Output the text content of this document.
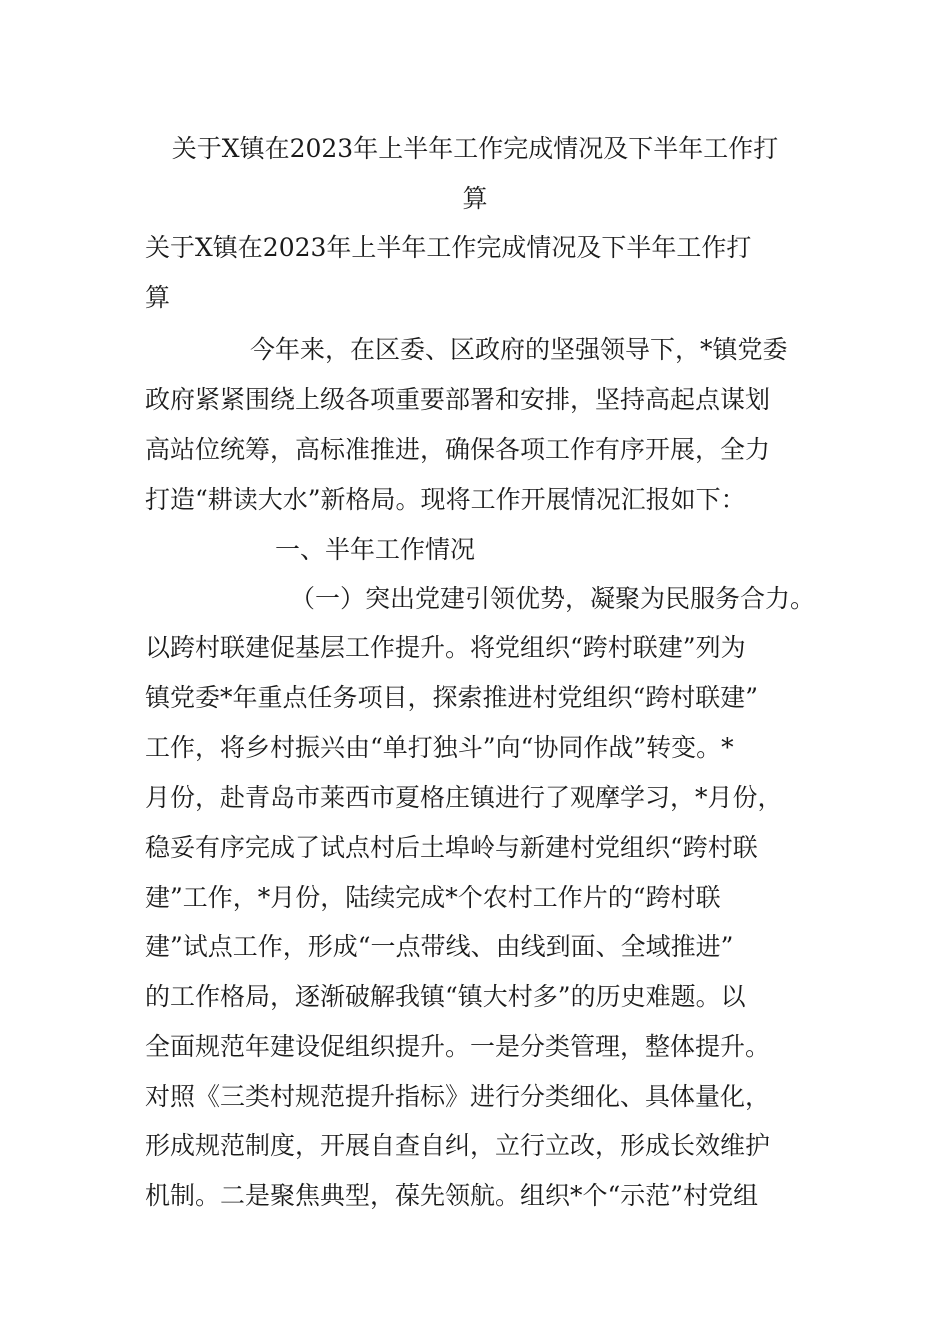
关于X镇在2023年上半年工作完成情况及下半年工作打
算

关于X镇在2023年上半年工作完成情况及下半年工作打

算

今年来，在区委、区政府的坚强领导下，*镇党委

政府紧紧围绕上级各项重要部署和安排，坚持高起点谋划

高站位统筹，高标准推进，确保各项工作有序开展，全力

打造“耕读大水”新格局。现将工作开展情况汇报如下：

一、半年工作情况

（一）突出党建引领优势，凝聚为民服务合力。

以跨村联建促基层工作提升。将党组织“跨村联建”列为

镇党委*年重点任务项目，探索推进村党组织“跨村联建”

工作，将乡村振兴由“单打独斗”向“协同作战”转变。*

月份，赴青岛市莱西市夏格庄镇进行了观摩学习，*月份，

稳妥有序完成了试点村后土埠岭与新建村党组织“跨村联

建”工作，*月份，陆续完成*个农村工作片的“跨村联

建”试点工作，形成“一点带线、由线到面、全域推进”

的工作格局，逐渐破解我镇“镇大村多”的历史难题。以

全面规范年建设促组织提升。一是分类管理，整体提升。

对照《三类村规范提升指标》进行分类细化、具体量化，

形成规范制度，开展自查自纠，立行立改，形成长效维护

机制。二是聚焦典型，葆先领航。组织*个“示范”村党组
